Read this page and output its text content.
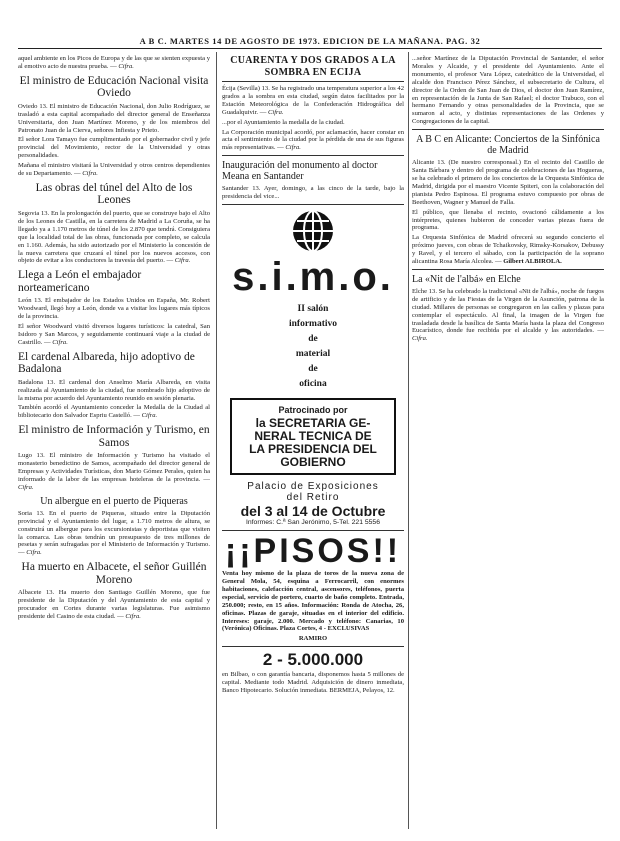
A B C. MARTES 14 DE AGOSTO DE 1973. EDICION DE LA MAÑANA. PAG. 32

aquel ambiente en los Picos de Europa y de las que se sienten expuesta y al emotivo acto de nuestra prueba. — Cifra.

El ministro de Educación Nacional visita Oviedo

Oviedo 13. El ministro de Educación Nacional, don Julio Rodríguez, se trasladó a esta capital acompañado del director general de Enseñanza Universitaria, don Juan Martínez Moreno, y de los miembros del Patronato Juan de la Cierva, señores Infiesta y Prieto.

El señor Lora Tamayo fue cumplimentado por el gobernador civil y jefe provincial del Movimiento, rector de la Universidad y otras personalidades.

Mañana el ministro visitará la Universidad y otros centros dependientes de su Departamento. — Cifra.

Las obras del túnel del Alto de los Leones

Segovia 13. En la prolongación del puerto, que se construye bajo el Alto de los Leones de Castilla, en la carretera de Madrid a La Coruña, se ha llegado ya a 1.170 metros de túnel de los 2.870 que tendrá. Consiguiera que la localidad total de las obras, funcionada por completo, se calcula en 1.160. Además, ha sido autorizado por el Ministerio la concesión de la nueva carretera que cruzará el túnel por los nuevos accesos, con objeto de evitar a los conductores la travesía del puerto. — Cifra.

Llega a León el embajador norteamericano

León 13. El embajador de los Estados Unidos en España, Mr. Robert Woodward, llegó hoy a León, donde va a visitar los lugares más típicos de la provincia.

El señor Woodward visitó diversos lugares turísticos: la catedral, San Isidoro y San Marcos, y seguidamente continuará viaje a la ciudad de Castrillo. — Cifra.

El cardenal Albareda, hijo adoptivo de Badalona

Badalona 13. El cardenal don Anselmo María Albareda, en visita realizada al Ayuntamiento de la ciudad, fue nombrado hijo adoptivo de la misma por acuerdo del Ayuntamiento reunido en sesión plenaria.

También acordó el Ayuntamiento conceder la Medalla de la Ciudad al bibliotecario don Salvador Espriu Castelló. — Cifra.

El ministro de Información y Turismo, en Samos

Lugo 13. El ministro de Información y Turismo ha visitado el monasterio benedictino de Samos, acompañado del director general de Empresas y Actividades Turísticas, don Mario Gómez Perales, quien ha informado de la labor de las empresas hoteleras de la provincia. — Cifra.

Un albergue en el puerto de Piqueras

Soria 13. En el puerto de Piqueras, situado entre la Diputación provincial y el Ayuntamiento del lugar, a 1.710 metros de altura, se construirá un albergue para los excursionistas y deportistas que visiten la comarca. Las obras tendrán un presupuesto de tres millones de pesetas y serán sufragadas por el Ministerio de Información y Turismo. — Cifra.

Ha muerto en Albacete, el señor Guillén Moreno

Albacete 13. Ha muerto don Santiago Guillén Moreno, que fue presidente de la Diputación y del Ayuntamiento de esta capital y procurador en Cortes durante varias legislaturas. Fue asimismo presidente del Casino de esta ciudad. — Cifra.

CUARENTA Y DOS GRADOS A LA SOMBRA EN ECIJA

Écija (Sevilla) 13. Se ha registrado una temperatura superior a los 42 grados a la sombra en esta ciudad, según datos facilitados por la Estación Meteorológica de la Confederación Hidrográfica del Guadalquivir. — Cifra.

...por el Ayuntamiento la medalla de la ciudad.

La Corporación municipal acordó, por aclamación, hacer constar en acta el sentimiento de la ciudad por la pérdida de una de sus figuras más representativas. — Cifra.

Inauguración del monumento al doctor Meana en Santander

Santander 13. Ayer, domingo, a las cinco de la tarde, bajo la presidencia del vice...

s.i.m.o.
II salón
informativo
de
material
de
oficina
Patrocinado por
la SECRETARIA GE-
NERAL TECNICA DE
LA PRESIDENCIA DEL
GOBIERNO
Palacio de Exposiciones
del Retiro
del 3 al 14 de Octubre
Informes: C.ª San Jerónimo, 5-Tel. 221 5556
¡¡PISOS!!

Venta hoy mismo de la plaza de toros de la nueva zona de General Mola, 54, esquina a Ferrocarril, con enormes habitaciones, calefacción central, ascensores, teléfonos, puerta especial, servicio de portero, cuarto de baño completo. Entrada, 250.000; resto, en 15 años. Información: Ronda de Atocha, 26, oficinas. Plazas de garaje, situadas en el interior del edificio. Intereses: garaje, 2.000. Mercado y teléfono: Canarias, 10 (Verónica) Oficinas. Plaza Cortes, 4 - EXCLUSIVAS

RAMIRO

2 - 5.000.000

en Bilbao, o con garantía bancaria, disponemos hasta 5 millones de capital. Mediante todo Madrid. Adquisición de dinero inmediata, Banco Hipotecario. Solución inmediata. BERMEJA, Pelayos, 12.

...señor Martínez de la Diputación Provincial de Santander, el señor Morales y Alcaide, y el presidente del Ayuntamiento. Ante el monumento, el profesor Vara López, catedrático de la Universidad, el alcalde don Francisco Pérez Sánchez, el subsecretario de Cultura, el director de la Orden de San Juan de Dios, el doctor don Juan Ramírez, en representación de la Junta de San Rafael; el doctor Trabuco, con el hermano Fernando y otras personalidades de la Provincia, que se sumaron al acto, y distintas representaciones de las Ordenes y Congregaciones de la capital.

A B C en Alicante: Conciertos de la Sinfónica de Madrid

Alicante 13. (De nuestro corresponsal.) En el recinto del Castillo de Santa Bárbara y dentro del programa de celebraciones de las Hogueras, se ha celebrado el primero de los conciertos de la Orquesta Sinfónica de Madrid, dirigida por el maestro Vicente Spiteri, con la colaboración del pianista Pedro Espinosa. El programa estuvo compuesto por obras de Beethoven, Wagner y Manuel de Falla.

El público, que llenaba el recinto, ovacionó cálidamente a los intérpretes, quienes hubieron de conceder varias piezas fuera de programa.

La Orquesta Sinfónica de Madrid ofrecerá su segundo concierto el próximo jueves, con obras de Tchaikovsky, Rimsky-Korsakov, Debussy y Ravel, y el tercero el sábado, con la participación de la soprano alicantina Rosa María Alcolea. — Gilbert ALBIROLA.

La «Nit de l'albá» en Elche

Elche 13. Se ha celebrado la tradicional «Nit de l'albá», noche de fuegos de artificio y de las Fiestas de la Virgen de la Asunción, patrona de la ciudad. Millares de personas se congregaron en las calles y plazas para contemplar el espectáculo. Al final, la imagen de la Virgen fue trasladada desde la basílica de Santa María hasta la plaza del Congreso Eucarístico, donde fue recibida por el alcalde y las autoridades. — Cifra.
